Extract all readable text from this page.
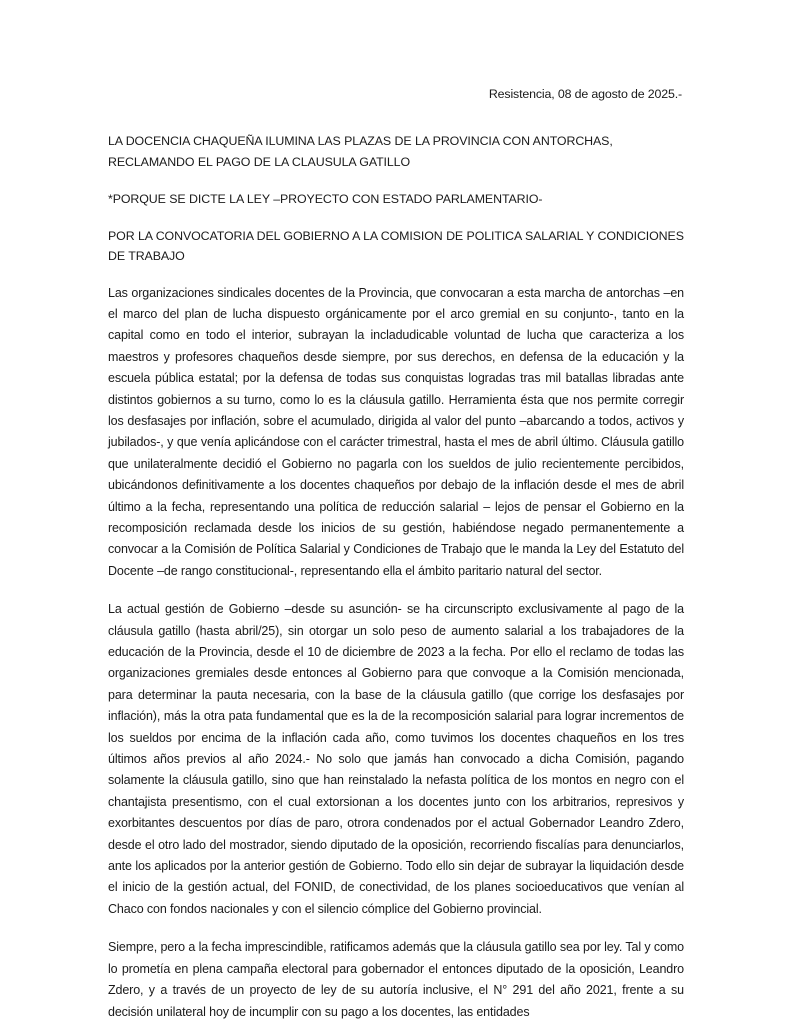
Resistencia, 08 de agosto de 2025.-

LA DOCENCIA CHAQUEÑA ILUMINA LAS PLAZAS DE LA PROVINCIA CON ANTORCHAS, RECLAMANDO EL PAGO DE LA CLAUSULA GATILLO

*PORQUE SE DICTE LA LEY –PROYECTO CON ESTADO PARLAMENTARIO-

POR LA CONVOCATORIA DEL GOBIERNO A LA COMISION DE POLITICA SALARIAL Y CONDICIONES DE TRABAJO

Las organizaciones sindicales docentes de la Provincia, que convocaran a esta marcha de antorchas –en el marco del plan de lucha dispuesto orgánicamente por el arco gremial en su conjunto-, tanto en la capital como en todo el interior, subrayan la incladudicable voluntad de lucha que caracteriza a los maestros y profesores chaqueños desde siempre, por sus derechos, en defensa de la educación y la escuela pública estatal; por la defensa de todas sus conquistas logradas tras mil batallas libradas ante distintos gobiernos a su turno, como lo es la cláusula gatillo. Herramienta ésta que nos permite corregir los desfasajes por inflación, sobre el acumulado, dirigida al valor del punto –abarcando a todos, activos y jubilados-, y que venía aplicándose con el carácter trimestral, hasta el mes de abril último. Cláusula gatillo que unilateralmente decidió el Gobierno no pagarla con los sueldos de julio recientemente percibidos, ubicándonos definitivamente a los docentes chaqueños por debajo de la inflación desde el mes de abril último a la fecha, representando una política de reducción salarial – lejos de pensar el Gobierno en la recomposición reclamada desde los inicios de su gestión, habiéndose negado permanentemente a convocar a la Comisión de Política Salarial y Condiciones de Trabajo que le manda la Ley del Estatuto del Docente –de rango constitucional-, representando ella el ámbito paritario natural del sector.

La actual gestión de Gobierno –desde su asunción- se ha circunscripto exclusivamente al pago de la cláusula gatillo (hasta abril/25), sin otorgar un solo peso de aumento salarial a los trabajadores de la educación de la Provincia, desde el 10 de diciembre de 2023 a la fecha. Por ello el reclamo de todas las organizaciones gremiales desde entonces al Gobierno para que convoque a la Comisión mencionada, para determinar la pauta necesaria, con la base de la cláusula gatillo (que corrige los desfasajes por inflación), más la otra pata fundamental que es la de la recomposición salarial para lograr incrementos de los sueldos por encima de la inflación cada año, como tuvimos los docentes chaqueños en los tres últimos años previos al año 2024.- No solo que jamás han convocado a dicha Comisión, pagando solamente la cláusula gatillo, sino que han reinstalado la nefasta política de los montos en negro con el chantajista presentismo, con el cual extorsionan a los docentes junto con los arbitrarios, represivos y exorbitantes descuentos por días de paro, otrora condenados por el actual Gobernador Leandro Zdero, desde el otro lado del mostrador, siendo diputado de la oposición, recorriendo fiscalías para denunciarlos, ante los aplicados por la anterior gestión de Gobierno. Todo ello sin dejar de subrayar la liquidación desde el inicio de la gestión actual, del FONID, de conectividad, de los planes socioeducativos que venían al Chaco con fondos nacionales y con el silencio cómplice del Gobierno provincial.

Siempre, pero a la fecha imprescindible, ratificamos además que la cláusula gatillo sea por ley. Tal y como lo prometía en plena campaña electoral para gobernador el entonces diputado de la oposición, Leandro Zdero, y a través de un proyecto de ley de su autoría inclusive, el N° 291 del año 2021, frente a su decisión unilateral hoy de incumplir con su pago a los docentes, las entidades
